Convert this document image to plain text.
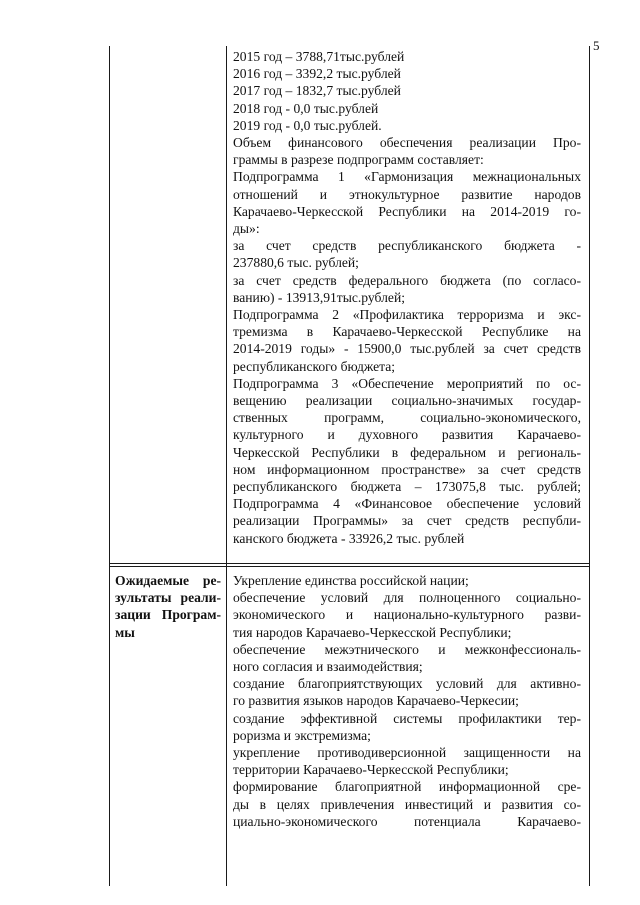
5
2015 год – 3788,71тыс.рублей
2016 год – 3392,2 тыс.рублей
2017 год – 1832,7 тыс.рублей
2018 год - 0,0 тыс.рублей
2019 год - 0,0 тыс.рублей.
Объем финансового обеспечения реализации Про-
граммы в разрезе подпрограмм составляет:
Подпрограмма 1 «Гармонизация межнациональных
отношений и этнокультурное развитие народов
Карачаево-Черкесской Республики на 2014-2019 го-
ды»:
за счет средств республиканского бюджета -
237880,6 тыс. рублей;
за счет средств федерального бюджета (по согласо-
ванию) - 13913,91тыс.рублей;
Подпрограмма 2 «Профилактика терроризма и экс-
тремизма в Карачаево-Черкесской Республике на
2014-2019 годы» - 15900,0 тыс.рублей за счет средств
республиканского бюджета;
Подпрограмма 3 «Обеспечение мероприятий по ос-
вещению реализации социально-значимых государ-
ственных программ, социально-экономического,
культурного и духовного развития Карачаево-
Черкесской Республики в федеральном и региональ-
ном информационном пространстве» за счет средств
республиканского бюджета – 173075,8 тыс. рублей;
Подпрограмма 4 «Финансовое обеспечение условий
реализации Программы» за счет средств республи-
канского бюджета - 33926,2 тыс. рублей
Ожидаемые ре-
зультаты реали-
зации Програм-
мы
Укрепление единства российской нации;
обеспечение условий для полноценного социально-
экономического и национально-культурного разви-
тия народов Карачаево-Черкесской Республики;
обеспечение межэтнического и межконфессиональ-
ного согласия и взаимодействия;
создание благоприятствующих условий для активно-
го развития языков народов Карачаево-Черкесии;
создание эффективной системы профилактики тер-
роризма и экстремизма;
укрепление противодиверсионной защищенности на
территории Карачаево-Черкесской Республики;
формирование благоприятной информационной сре-
ды в целях привлечения инвестиций и развития со-
циально-экономического потенциала Карачаево-
